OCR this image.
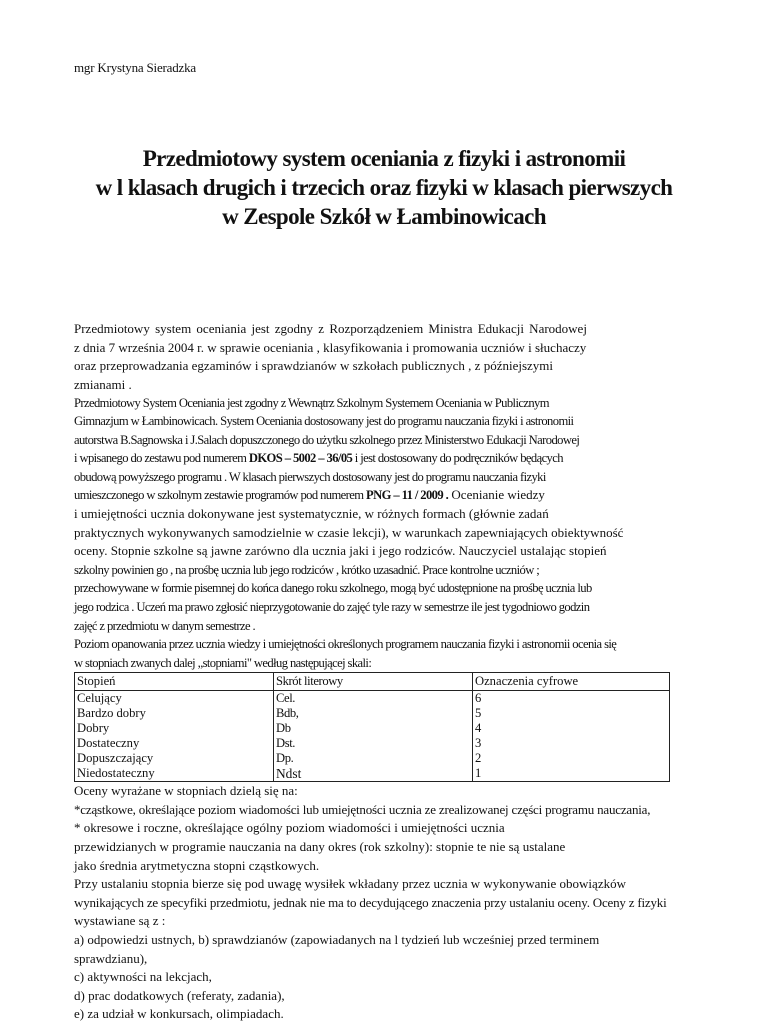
mgr Krystyna Sieradzka
Przedmiotowy system oceniania z fizyki i astronomii
w l klasach drugich i trzecich oraz fizyki w klasach pierwszych
w Zespole Szkół w Łambinowicach
Przedmiotowy system oceniania jest zgodny z Rozporządzeniem Ministra Edukacji Narodowej
z dnia 7 września 2004 r. w sprawie oceniania , klasyfikowania i promowania uczniów i słuchaczy
oraz przeprowadzania egzaminów i sprawdzianów w szkołach publicznych , z późniejszymi
zmianami .
Przedmiotowy System Oceniania jest zgodny z Wewnątrz Szkolnym Systemem Oceniania w Publicznym
Gimnazjum w Łambinowicach. System Oceniania dostosowany jest do programu nauczania fizyki i astronomii
autorstwa B.Sagnowska i J.Salach dopuszczonego do użytku szkolnego przez Ministerstwo Edukacji Narodowej
i wpisanego do zestawu pod numerem DKOS – 5002 – 36/05 i jest dostosowany do podręczników będących
obudową powyższego programu . W klasach pierwszych dostosowany jest do programu nauczania fizyki
umieszczonego w szkolnym zestawie programów pod numerem PNG – 11 / 2009 . Ocenianie wiedzy
i umiejętności ucznia dokonywane jest systematycznie, w różnych formach (głównie zadań
praktycznych wykonywanych samodzielnie w czasie lekcji), w warunkach zapewniających obiektywność
oceny. Stopnie szkolne są jawne zarówno dla ucznia jaki i jego rodziców. Nauczyciel ustalając stopień
szkolny powinien go , na prośbę ucznia lub jego rodziców , krótko uzasadnić. Prace kontrolne uczniów ;
przechowywane w formie pisemnej do końca danego roku szkolnego, mogą być udostępnione na prośbę ucznia lub
jego rodzica . Uczeń ma prawo zgłosić nieprzygotowanie do zajęć tyle razy w semestrze ile jest tygodniowo godzin
zajęć z przedmiotu w danym semestrze .
Poziom opanowania przez ucznia wiedzy i umiejętności określonych programem nauczania fizyki i astronomii ocenia się
w stopniach zwanych dalej „stopniami" według następującej skali:
Stopień	Skrót literowy	Oznaczenia cyfrowe
Celujący	Cel.	6
Bardzo dobry	Bdb,	5
Dobry	Db	4
Dostateczny	Dst.	3
Dopuszczający	Dp.	2
Niedostateczny	Ndst	1
Oceny wyrażane w stopniach dzielą się na:
*cząstkowe, określające poziom wiadomości lub umiejętności ucznia ze zrealizowanej części programu nauczania,
* okresowe i roczne, określające ogólny poziom wiadomości i umiejętności ucznia
przewidzianych w programie nauczania na dany okres (rok szkolny): stopnie te nie są ustalane
jako średnia arytmetyczna stopni cząstkowych.
Przy ustalaniu stopnia bierze się pod uwagę wysiłek wkładany przez ucznia w wykonywanie obowiązków
wynikających ze specyfiki przedmiotu, jednak nie ma to decydującego znaczenia przy ustalaniu oceny. Oceny z fizyki
wystawiane są z :
a) odpowiedzi ustnych, b) sprawdzianów (zapowiadanych na l tydzień lub wcześniej przed terminem
sprawdzianu),
c) aktywności na lekcjach,
d) prac dodatkowych (referaty, zadania),
e) za udział w konkursach, olimpiadach.
